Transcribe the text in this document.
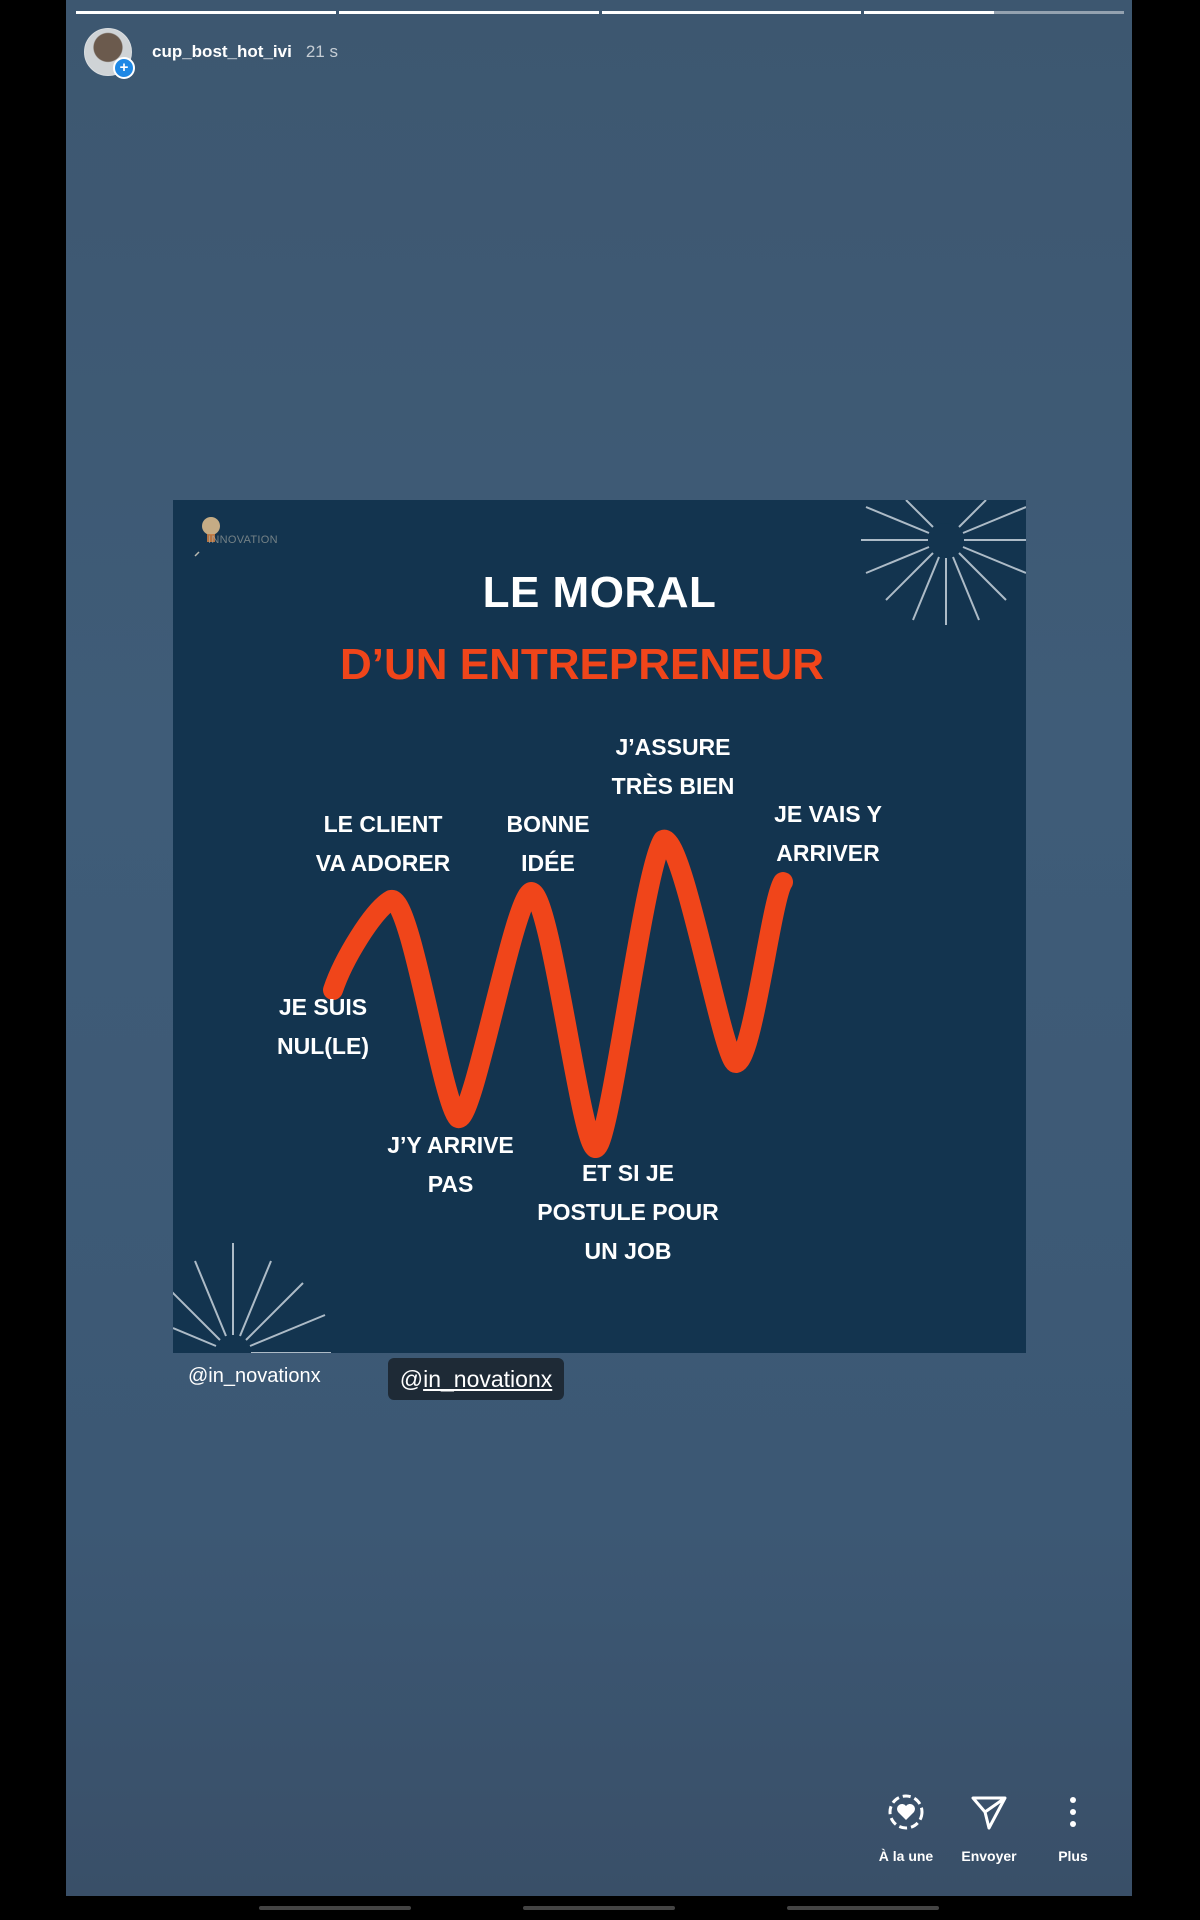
+
cup_bost_hot_ivi 21 s
INNOVATION
LE MORAL
D’UN ENTREPRENEUR
LE CLIENT
VA ADORER
BONNE
IDÉE
J’ASSURE
TRÈS BIEN
JE VAIS Y
ARRIVER
JE SUIS
NUL(LE)
J’Y ARRIVE
PAS	ET SI JE
POSTULE POUR
UN JOB
@in_novationx	@in_novationx
À la une	Envoyer	Plus
